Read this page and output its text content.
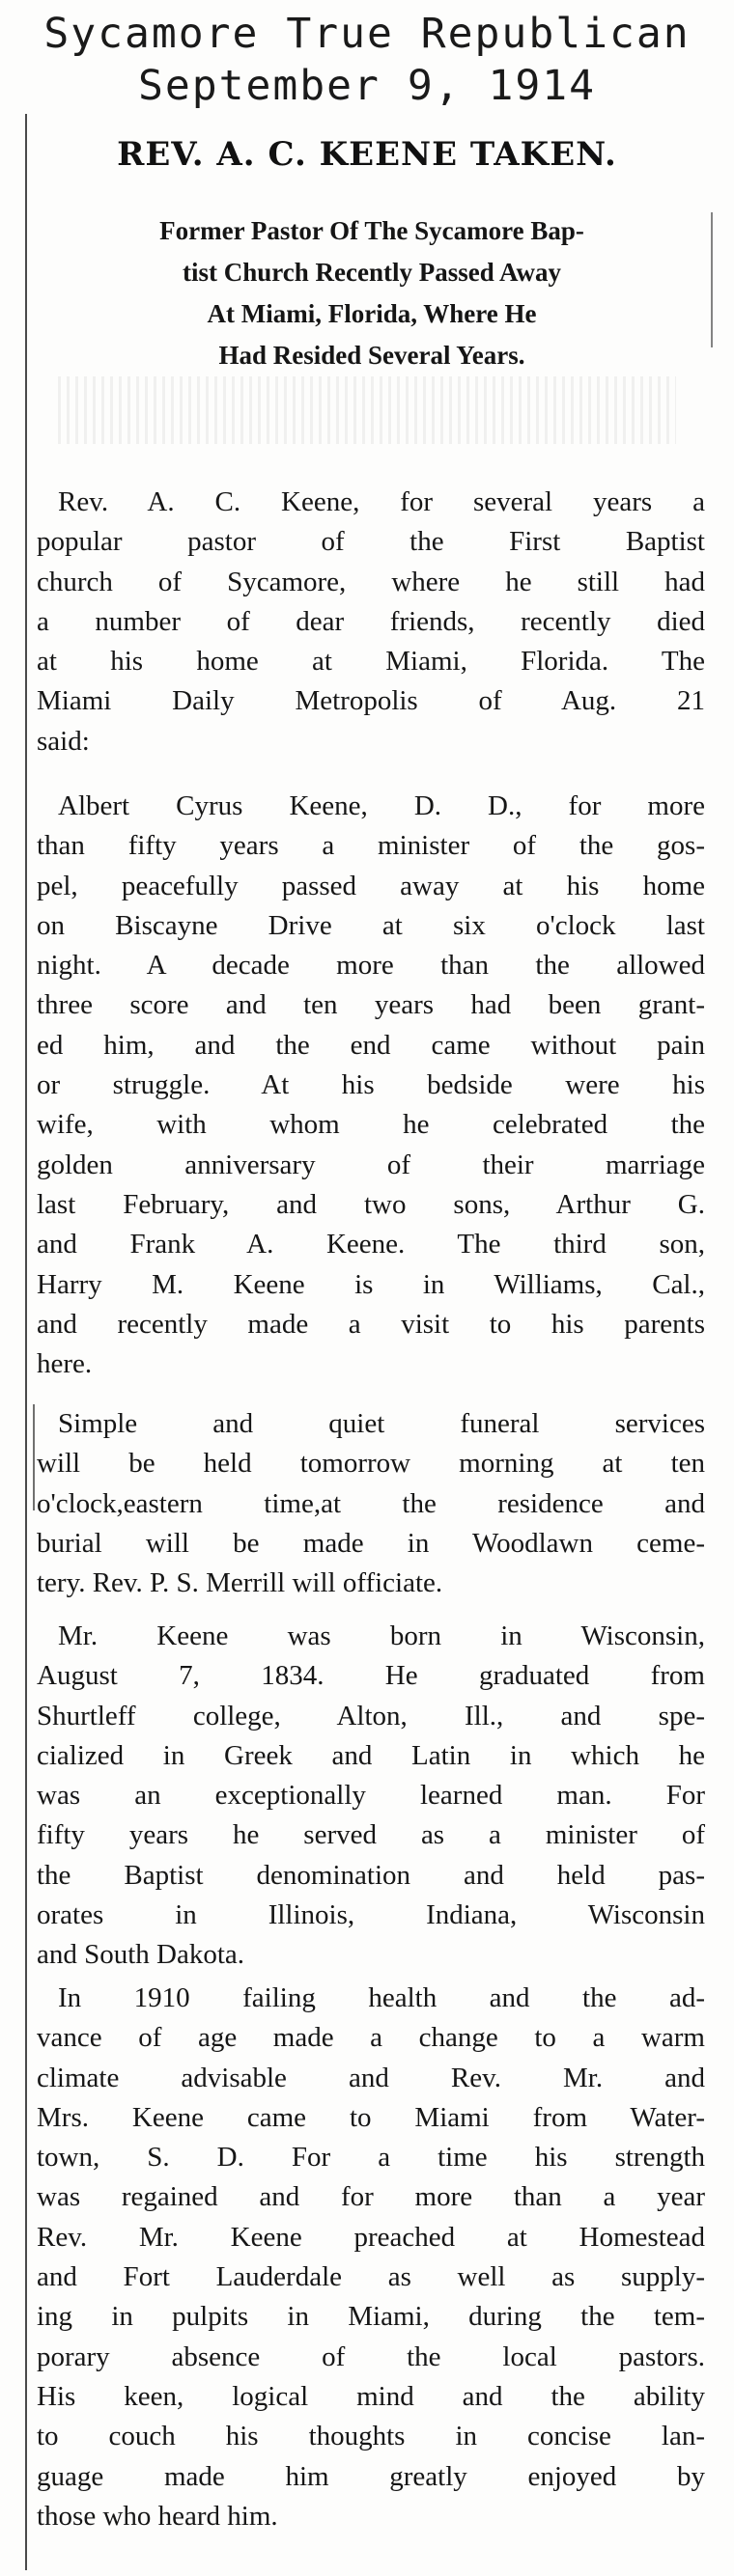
Sycamore True Republican
September 9, 1914
REV. A. C. KEENE TAKEN.
Former Pastor Of The Sycamore Bap-
tist Church Recently Passed Away
At Miami, Florida, Where He
Had Resided Several Years.
Rev. A. C. Keene, for several years a
popular pastor of the First Baptist
church of Sycamore, where he still had
a number of dear friends, recently died
at his home at Miami, Florida. The
Miami Daily Metropolis of Aug. 21
said:
Albert Cyrus Keene, D. D., for more
than fifty years a minister of the gos-
pel, peacefully passed away at his home
on Biscayne Drive at six o'clock last
night. A decade more than the allowed
three score and ten years had been grant-
ed him, and the end came without pain
or struggle. At his bedside were his
wife, with whom he celebrated the
golden anniversary of their marriage
last February, and two sons, Arthur G.
and Frank A. Keene. The third son,
Harry M. Keene is in Williams, Cal.,
and recently made a visit to his parents
here.
Simple and quiet funeral services
will be held tomorrow morning at ten
o'clock,eastern time,at the residence and
burial will be made in Woodlawn ceme-
tery. Rev. P. S. Merrill will officiate.
Mr. Keene was born in Wisconsin,
August 7, 1834. He graduated from
Shurtleff college, Alton, Ill., and spe-
cialized in Greek and Latin in which he
was an exceptionally learned man. For
fifty years he served as a minister of
the Baptist denomination and held pas-
orates in Illinois, Indiana, Wisconsin
and South Dakota.
In 1910 failing health and the ad-
vance of age made a change to a warm
climate advisable and Rev. Mr. and
Mrs. Keene came to Miami from Water-
town, S. D. For a time his strength
was regained and for more than a year
Rev. Mr. Keene preached at Homestead
and Fort Lauderdale as well as supply-
ing in pulpits in Miami, during the tem-
porary absence of the local pastors.
His keen, logical mind and the ability
to couch his thoughts in concise lan-
guage made him greatly enjoyed by
those who heard him.
